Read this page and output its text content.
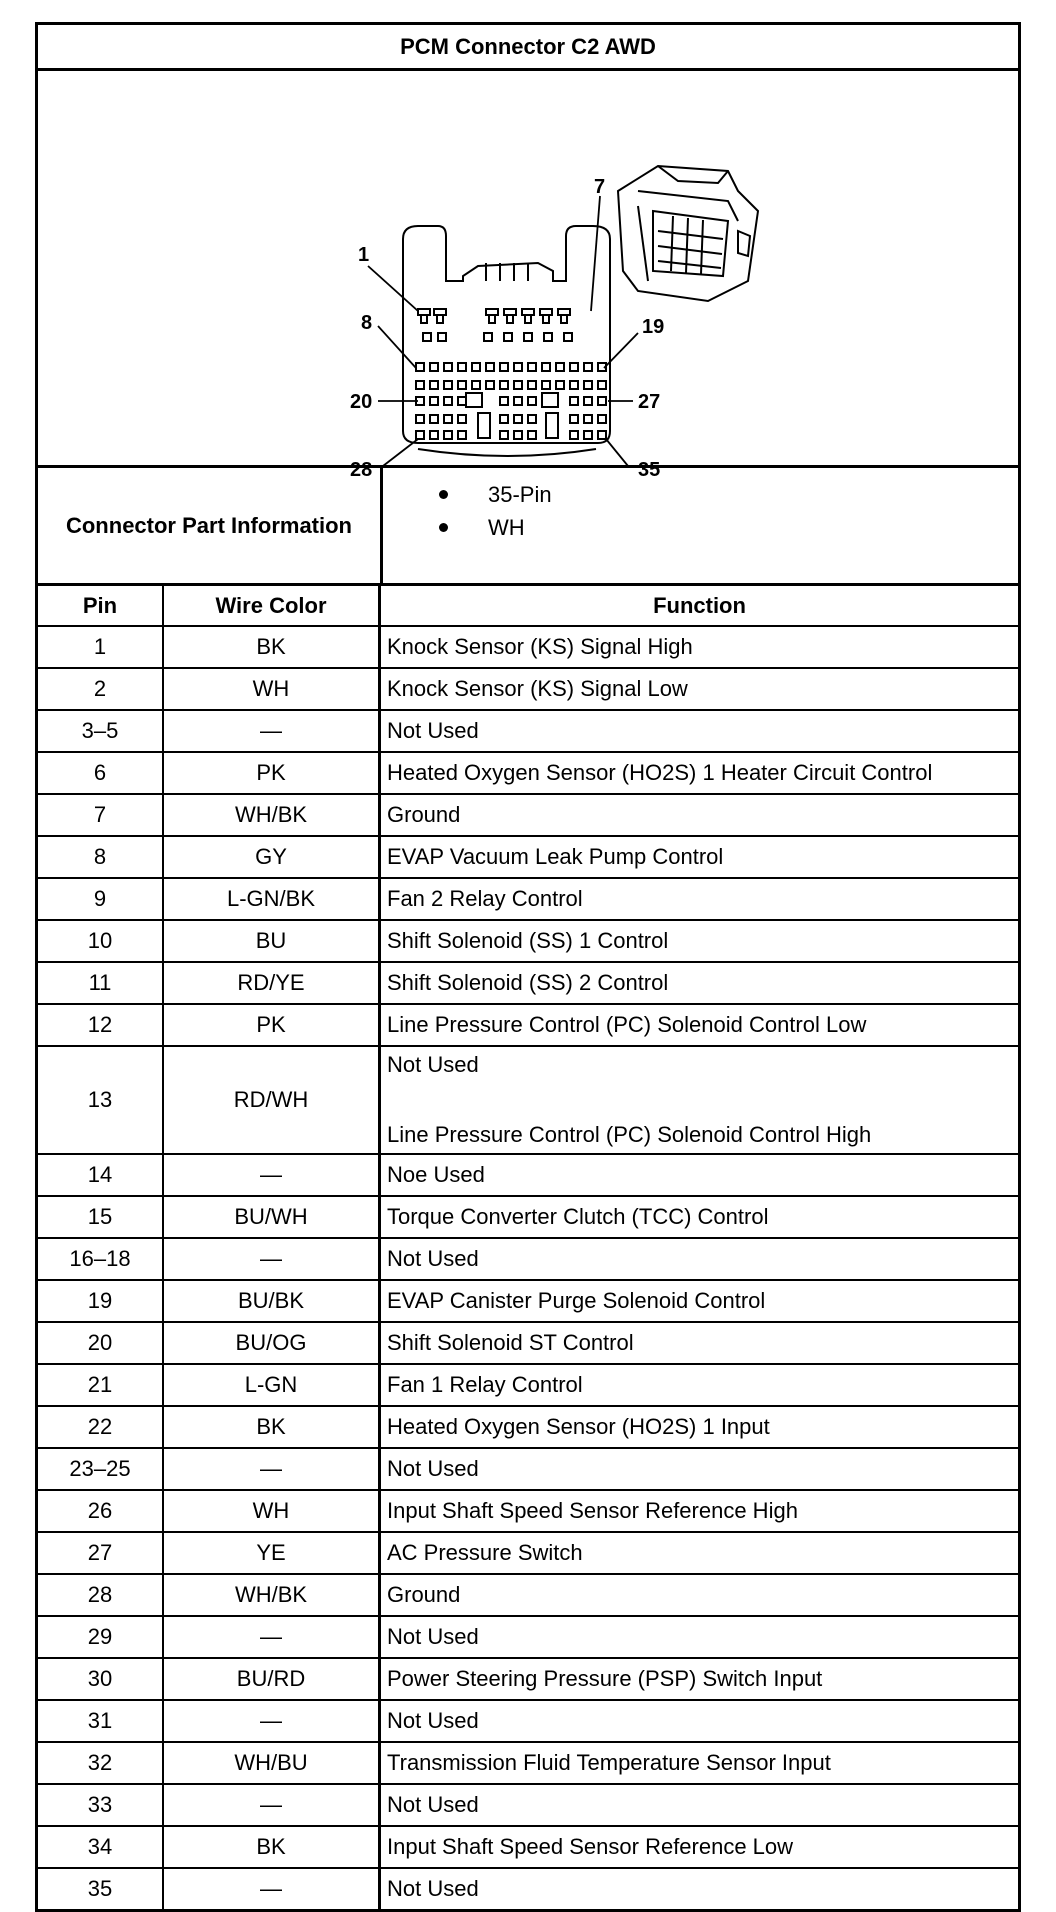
PCM Connector C2 AWD
1
7
8	19
20	27
28	35
Connector Part Information
35-Pin
WH
Pin	Wire Color	Function
1	BK	Knock Sensor (KS) Signal High
2	WH	Knock Sensor (KS) Signal Low
3–5	—	Not Used
6	PK	Heated Oxygen Sensor (HO2S) 1 Heater Circuit Control
7	WH/BK	Ground
8	GY	EVAP Vacuum Leak Pump Control
9	L-GN/BK	Fan 2 Relay Control
10	BU	Shift Solenoid (SS) 1 Control
11	RD/YE	Shift Solenoid (SS) 2 Control
12	PK	Line Pressure Control (PC) Solenoid Control Low
13	RD/WH	Not Used
Line Pressure Control (PC) Solenoid Control High

14	—	Noe Used
15	BU/WH	Torque Converter Clutch (TCC) Control
16–18	—	Not Used
19	BU/BK	EVAP Canister Purge Solenoid Control
20	BU/OG	Shift Solenoid ST Control
21	L-GN	Fan 1 Relay Control
22	BK	Heated Oxygen Sensor (HO2S) 1 Input
23–25	—	Not Used
26	WH	Input Shaft Speed Sensor Reference High
27	YE	AC Pressure Switch
28	WH/BK	Ground
29	—	Not Used
30	BU/RD	Power Steering Pressure (PSP) Switch Input
31	—	Not Used
32	WH/BU	Transmission Fluid Temperature Sensor Input
33	—	Not Used
34	BK	Input Shaft Speed Sensor Reference Low
35	—	Not Used
